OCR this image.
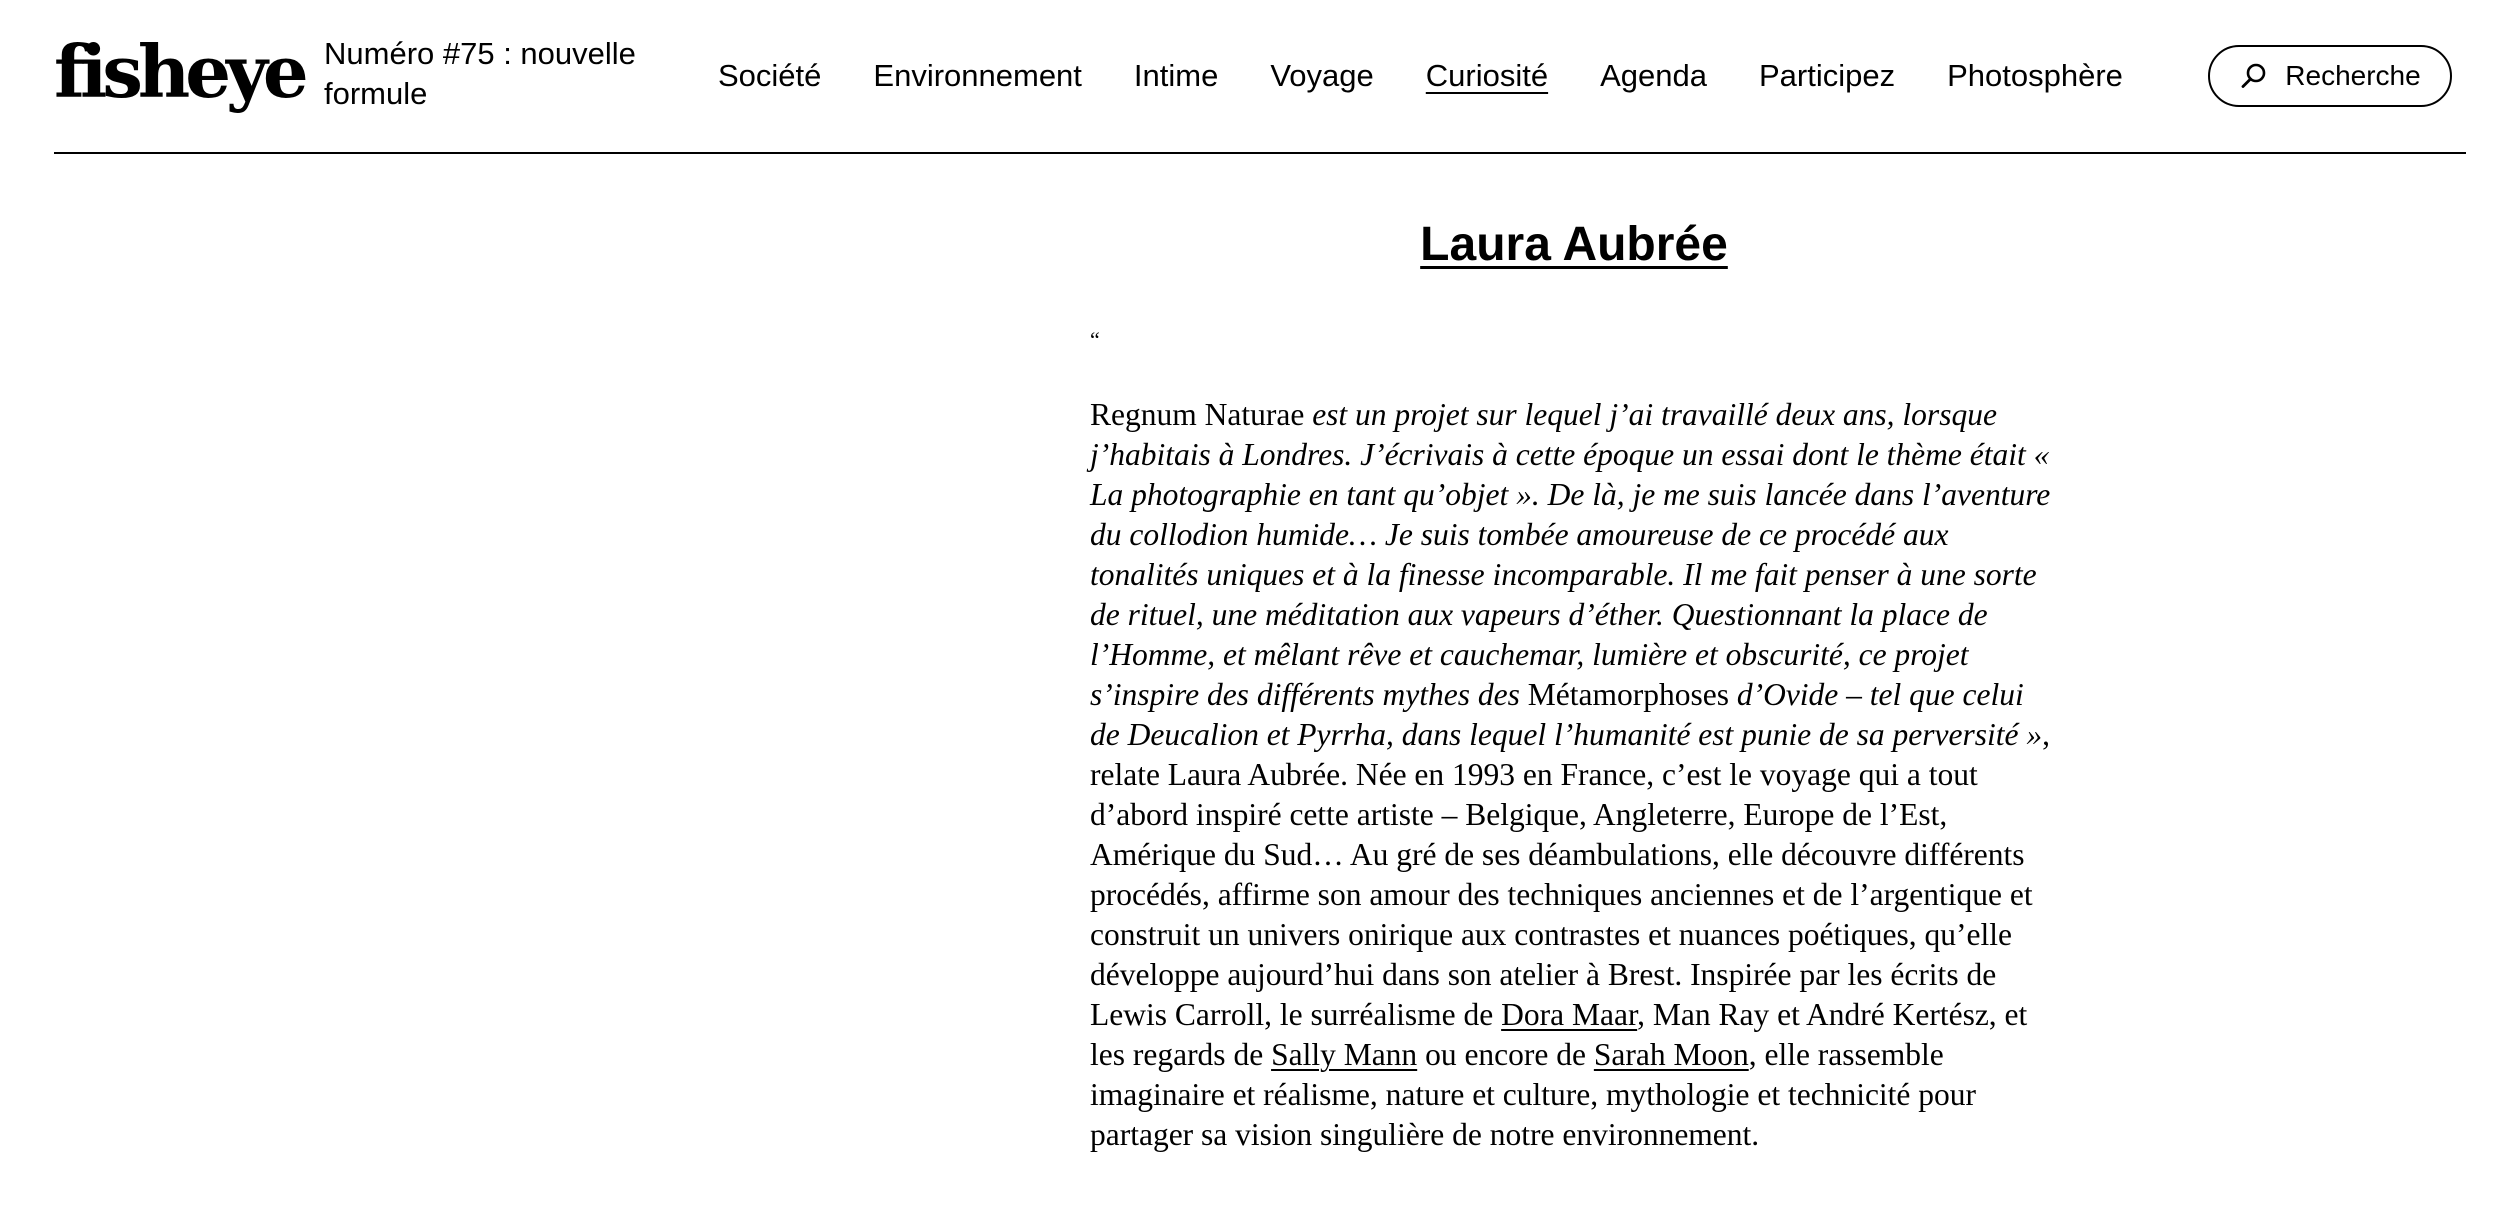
fisheye Numéro #75 : nouvelle formule
Société Environnement Intime Voyage Curiosité Agenda Participez Photosphère	Recherche
Laura Aubrée

“

Regnum Naturae est un projet sur lequel j’ai travaillé deux ans, lorsque j’habitais à Londres. J’écrivais à cette époque un essai dont le thème était « La photographie en tant qu’objet ». De là, je me suis lancée dans l’aventure du collodion humide… Je suis tombée amoureuse de ce procédé aux tonalités uniques et à la finesse incomparable. Il me fait penser à une sorte de rituel, une méditation aux vapeurs d’éther. Questionnant la place de l’Homme, et mêlant rêve et cauchemar, lumière et obscurité, ce projet s’inspire des différents mythes des Métamorphoses d’Ovide – tel que celui de Deucalion et Pyrrha, dans lequel l’humanité est punie de sa perversité », relate Laura Aubrée. Née en 1993 en France, c’est le voyage qui a tout d’abord inspiré cette artiste – Belgique, Angleterre, Europe de l’Est, Amérique du Sud… Au gré de ses déambulations, elle découvre différents procédés, affirme son amour des techniques anciennes et de l’argentique et construit un univers onirique aux contrastes et nuances poétiques, qu’elle développe aujourd’hui dans son atelier à Brest. Inspirée par les écrits de Lewis Carroll, le surréalisme de Dora Maar, Man Ray et André Kertész, et les regards de Sally Mann ou encore de Sarah Moon, elle rassemble imaginaire et réalisme, nature et culture, mythologie et technicité pour partager sa vision singulière de notre environnement.
